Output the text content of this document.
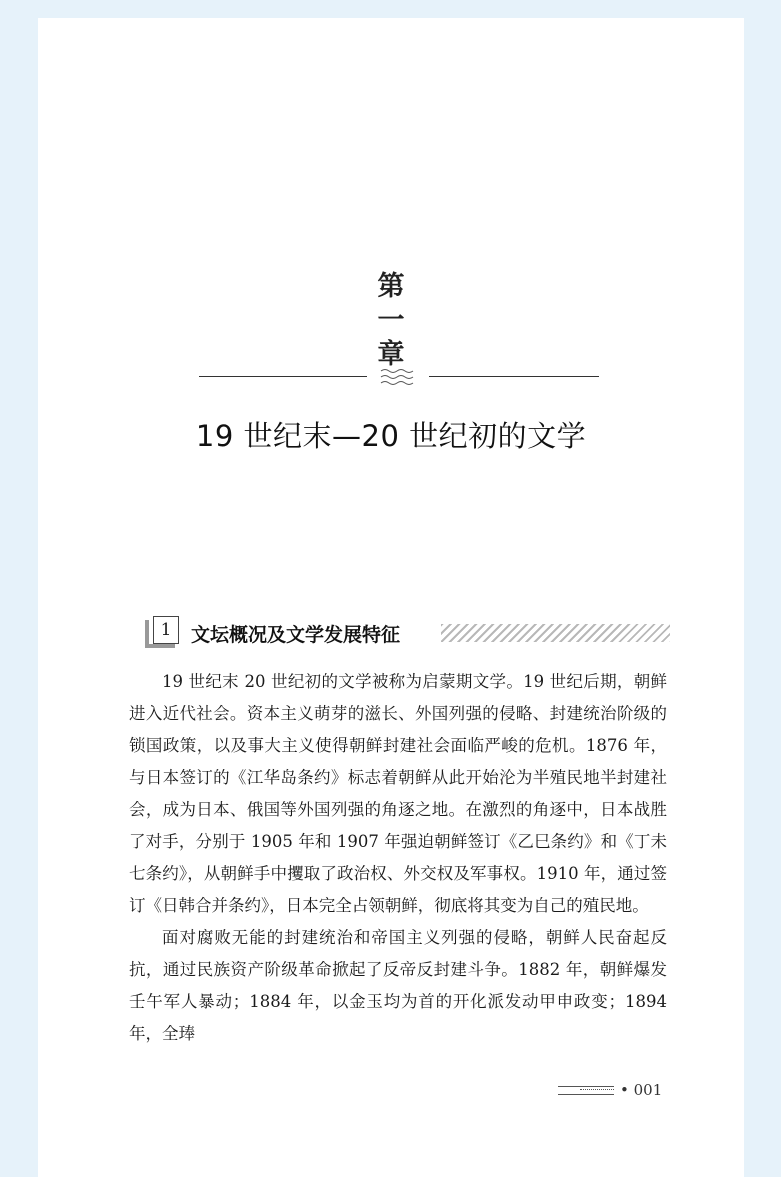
第
一
章
19 世纪末—20 世纪初的文学
1	文坛概况及文学发展特征

19 世纪末 20 世纪初的文学被称为启蒙期文学。19 世纪后期，朝鲜进入近代社会。资本主义萌芽的滋长、外国列强的侵略、封建统治阶级的锁国政策，以及事大主义使得朝鲜封建社会面临严峻的危机。1876 年，与日本签订的《江华岛条约》标志着朝鲜从此开始沦为半殖民地半封建社会，成为日本、俄国等外国列强的角逐之地。在激烈的角逐中，日本战胜了对手，分别于 1905 年和 1907 年强迫朝鲜签订《乙巳条约》和《丁未七条约》，从朝鲜手中攫取了政治权、外交权及军事权。1910 年，通过签订《日韩合并条约》，日本完全占领朝鲜，彻底将其变为自己的殖民地。

面对腐败无能的封建统治和帝国主义列强的侵略，朝鲜人民奋起反抗，通过民族资产阶级革命掀起了反帝反封建斗争。1882 年，朝鲜爆发壬午军人暴动；1884 年，以金玉均为首的开化派发动甲申政变；1894 年，全琫

• 001
